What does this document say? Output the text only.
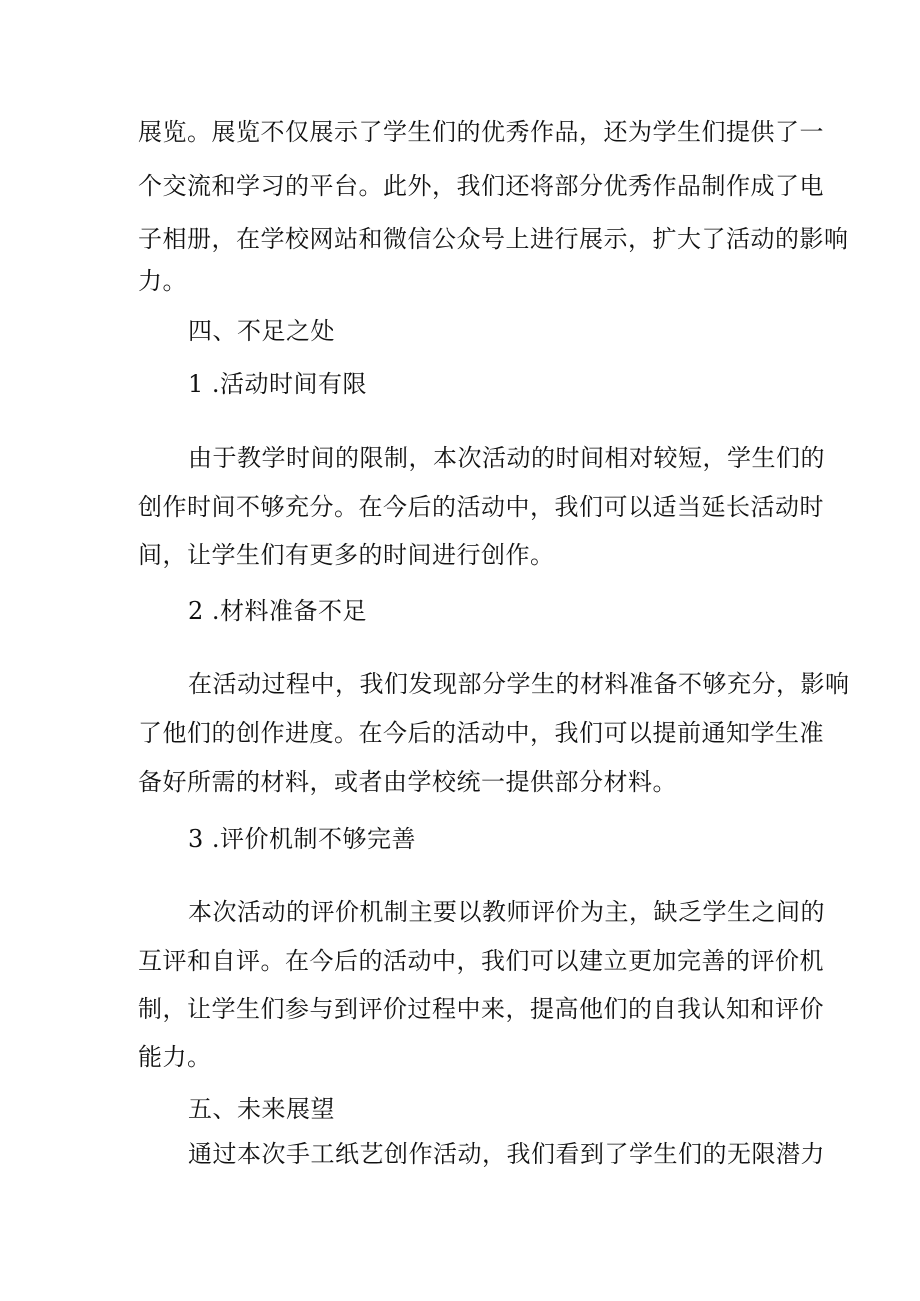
展览。展览不仅展示了学生们的优秀作品，还为学生们提供了一
个交流和学习的平台。此外，我们还将部分优秀作品制作成了电
子相册，在学校网站和微信公众号上进行展示，扩大了活动的影响
力。
四、不足之处
1 .活动时间有限
由于教学时间的限制，本次活动的时间相对较短，学生们的
创作时间不够充分。在今后的活动中，我们可以适当延长活动时
间，让学生们有更多的时间进行创作。
2 .材料准备不足
在活动过程中，我们发现部分学生的材料准备不够充分，影响
了他们的创作进度。在今后的活动中，我们可以提前通知学生准
备好所需的材料，或者由学校统一提供部分材料。
3 .评价机制不够完善
本次活动的评价机制主要以教师评价为主，缺乏学生之间的
互评和自评。在今后的活动中，我们可以建立更加完善的评价机
制，让学生们参与到评价过程中来，提高他们的自我认知和评价
能力。
五、未来展望
通过本次手工纸艺创作活动，我们看到了学生们的无限潜力
